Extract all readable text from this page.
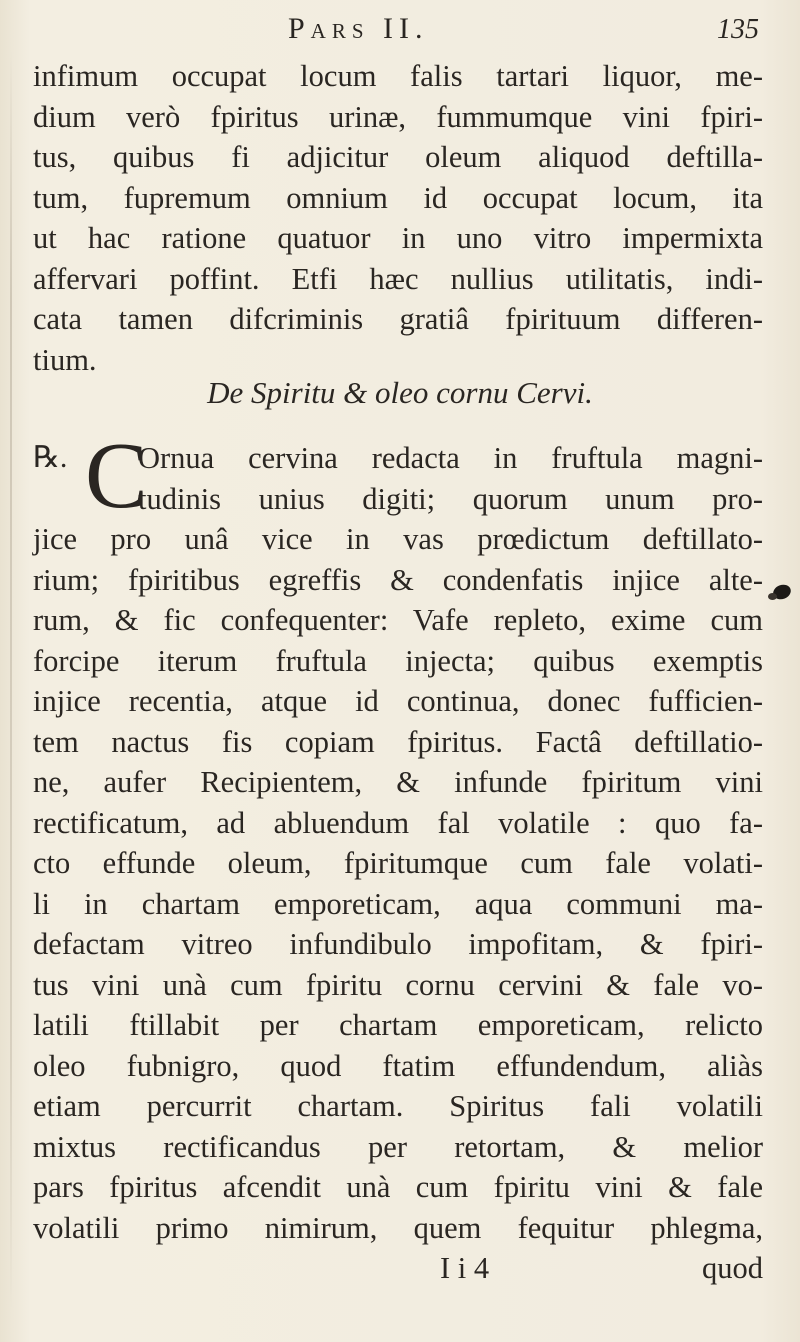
Pars II.	135
infimum occupat locum falis tartari liquor, me-
dium verò fpiritus urinæ, fummumque vini fpiri-
tus, quibus fi adjicitur oleum aliquod deftilla-
tum, fupremum omnium id occupat locum, ita
ut hac ratione quatuor in uno vitro impermixta
affervari poffint. Etfi hæc nullius utilitatis, indi-
cata tamen difcriminis gratiâ fpirituum differen-
tium.
De Spiritu & oleo cornu Cervi.
℞. C
Ornua cervina redacta in fruftula magni-
tudinis unius digiti; quorum unum pro-
jice pro unâ vice in vas prœdictum deftillato-
rium; fpiritibus egreffis & condenfatis injice alte-
rum, & fic confequenter: Vafe repleto, exime cum
forcipe iterum fruftula injecta; quibus exemptis
injice recentia, atque id continua, donec fufficien-
tem nactus fis copiam fpiritus. Factâ deftillatio-
ne, aufer Recipientem, & infunde fpiritum vini
rectificatum, ad abluendum fal volatile : quo fa-
cto effunde oleum, fpiritumque cum fale volati-
li in chartam emporeticam, aqua communi ma-
defactam vitreo infundibulo impofitam, & fpiri-
tus vini unà cum fpiritu cornu cervini & fale vo-
latili ftillabit per chartam emporeticam, relicto
oleo fubnigro, quod ftatim effundendum, aliàs
etiam percurrit chartam. Spiritus fali volatili
mixtus rectificandus per retortam, & melior
pars fpiritus afcendit unà cum fpiritu vini & fale
volatili primo nimirum, quem fequitur phlegma,
I i 4	quod
